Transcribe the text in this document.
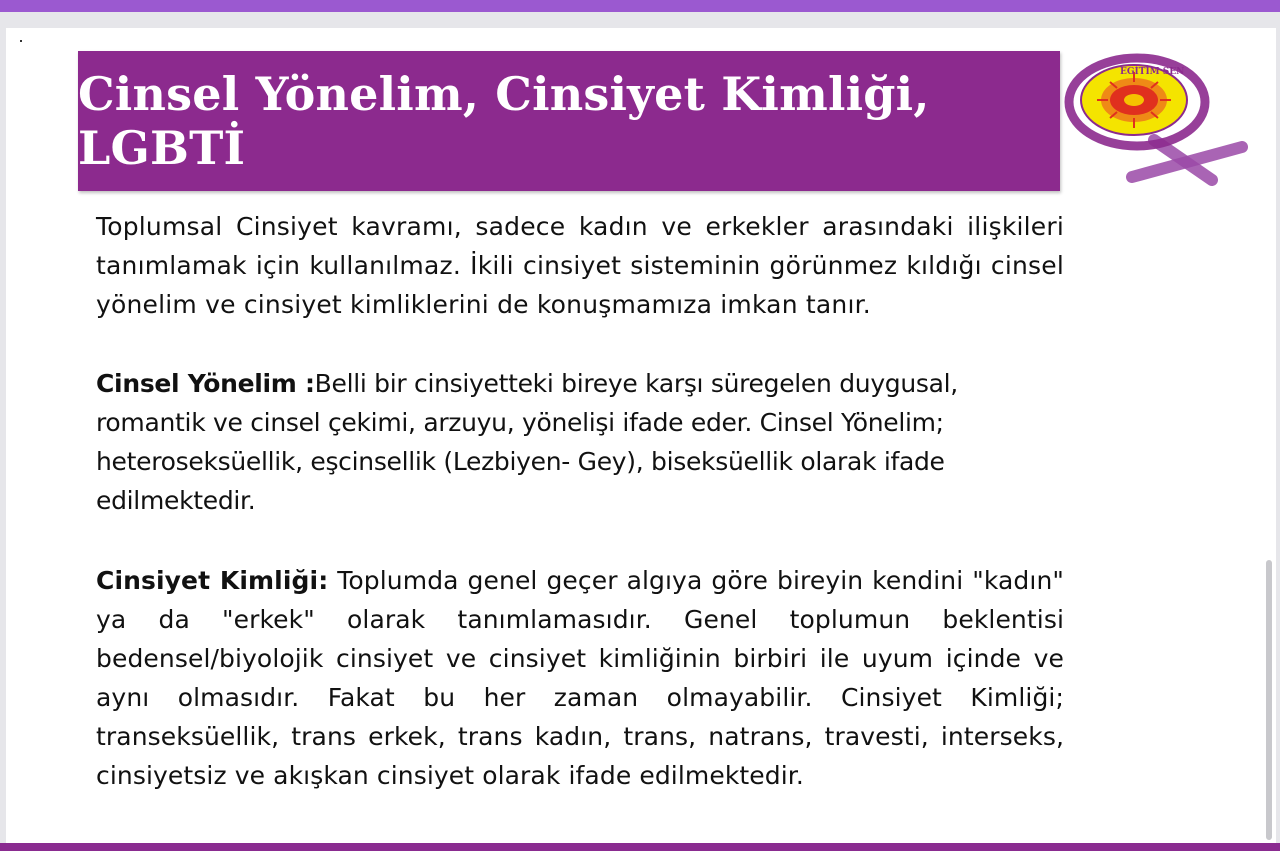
Cinsel Yönelim, Cinsiyet Kimliği, LGBTİ
EĞİTİM SEN

Toplumsal Cinsiyet kavramı, sadece kadın ve erkekler arasındaki ilişkileri tanımlamak için kullanılmaz. İkili cinsiyet sisteminin görünmez kıldığı cinsel yönelim ve cinsiyet kimliklerini de konuşmamıza imkan tanır.

Cinsel Yönelim :Belli bir cinsiyetteki bireye karşı süregelen duygusal, romantik ve cinsel çekimi, arzuyu, yönelişi ifade eder. Cinsel Yönelim; heteroseksüellik, eşcinsellik (Lezbiyen- Gey), biseksüellik olarak ifade edilmektedir.

Cinsiyet Kimliği: Toplumda genel geçer algıya göre bireyin kendini "kadın" ya da "erkek" olarak tanımlamasıdır. Genel toplumun beklentisi bedensel/biyolojik cinsiyet ve cinsiyet kimliğinin birbiri ile uyum içinde ve aynı olmasıdır. Fakat bu her zaman olmayabilir. Cinsiyet Kimliği; transeksüellik, trans erkek, trans kadın, trans, natrans, travesti, interseks, cinsiyetsiz ve akışkan cinsiyet olarak ifade edilmektedir.
